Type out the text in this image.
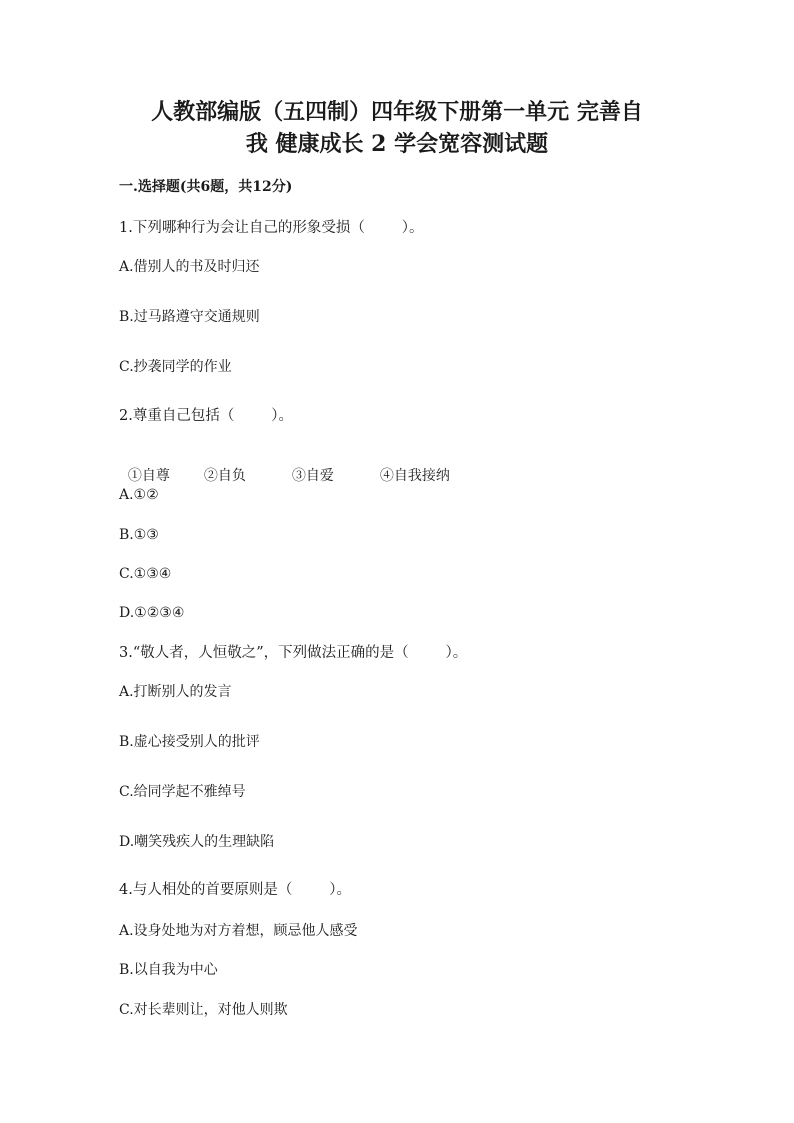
人教部编版（五四制）四年级下册第一单元 完善自
我 健康成长 2 学会宽容测试题

一.选择题(共6题，共12分)

1.下列哪种行为会让自己的形象受损（        ）。

A.借别人的书及时归还

B.过马路遵守交通规则

C.抄袭同学的作业

2.尊重自己包括（        ）。

①自尊 ②自负	③自爱	④自我接纳

A.①②

B.①③

C.①③④

D.①②③④

3.“敬人者，人恒敬之”，下列做法正确的是（        ）。

A.打断别人的发言

B.虚心接受别人的批评

C.给同学起不雅绰号

D.嘲笑残疾人的生理缺陷

4.与人相处的首要原则是（        ）。

A.设身处地为对方着想，顾忌他人感受

B.以自我为中心

C.对长辈则让，对他人则欺
